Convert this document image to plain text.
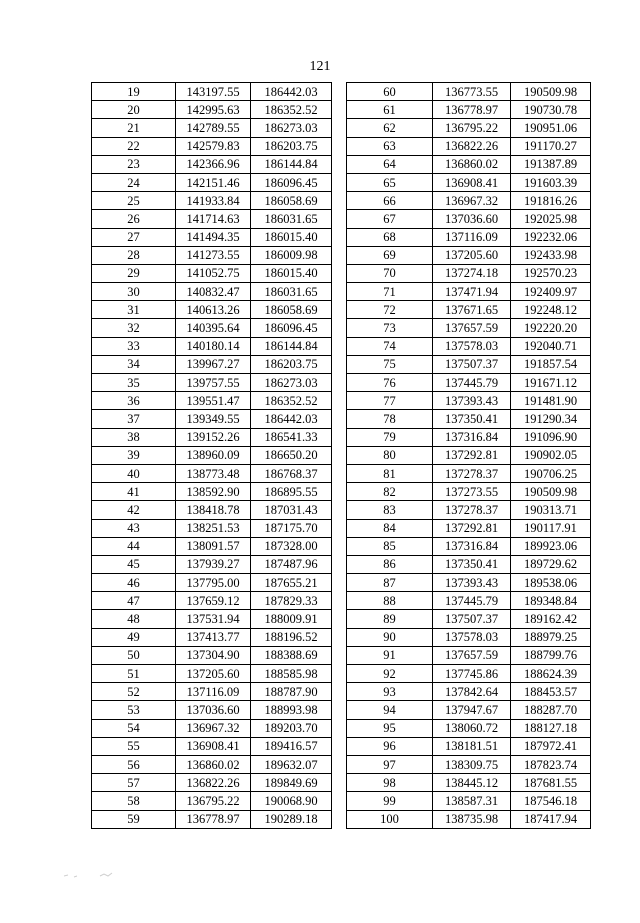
121
19	143197.55	186442.03
20	142995.63	186352.52
21	142789.55	186273.03
22	142579.83	186203.75
23	142366.96	186144.84
24	142151.46	186096.45
25	141933.84	186058.69
26	141714.63	186031.65
27	141494.35	186015.40
28	141273.55	186009.98
29	141052.75	186015.40
30	140832.47	186031.65
31	140613.26	186058.69
32	140395.64	186096.45
33	140180.14	186144.84
34	139967.27	186203.75
35	139757.55	186273.03
36	139551.47	186352.52
37	139349.55	186442.03
38	139152.26	186541.33
39	138960.09	186650.20
40	138773.48	186768.37
41	138592.90	186895.55
42	138418.78	187031.43
43	138251.53	187175.70
44	138091.57	187328.00
45	137939.27	187487.96
46	137795.00	187655.21
47	137659.12	187829.33
48	137531.94	188009.91
49	137413.77	188196.52
50	137304.90	188388.69
51	137205.60	188585.98
52	137116.09	188787.90
53	137036.60	188993.98
54	136967.32	189203.70
55	136908.41	189416.57
56	136860.02	189632.07
57	136822.26	189849.69
58	136795.22	190068.90
59	136778.97	190289.18
60	136773.55	190509.98
61	136778.97	190730.78
62	136795.22	190951.06
63	136822.26	191170.27
64	136860.02	191387.89
65	136908.41	191603.39
66	136967.32	191816.26
67	137036.60	192025.98
68	137116.09	192232.06
69	137205.60	192433.98
70	137274.18	192570.23
71	137471.94	192409.97
72	137671.65	192248.12
73	137657.59	192220.20
74	137578.03	192040.71
75	137507.37	191857.54
76	137445.79	191671.12
77	137393.43	191481.90
78	137350.41	191290.34
79	137316.84	191096.90
80	137292.81	190902.05
81	137278.37	190706.25
82	137273.55	190509.98
83	137278.37	190313.71
84	137292.81	190117.91
85	137316.84	189923.06
86	137350.41	189729.62
87	137393.43	189538.06
88	137445.79	189348.84
89	137507.37	189162.42
90	137578.03	188979.25
91	137657.59	188799.76
92	137745.86	188624.39
93	137842.64	188453.57
94	137947.67	188287.70
95	138060.72	188127.18
96	138181.51	187972.41
97	138309.75	187823.74
98	138445.12	187681.55
99	138587.31	187546.18
100	138735.98	187417.94
